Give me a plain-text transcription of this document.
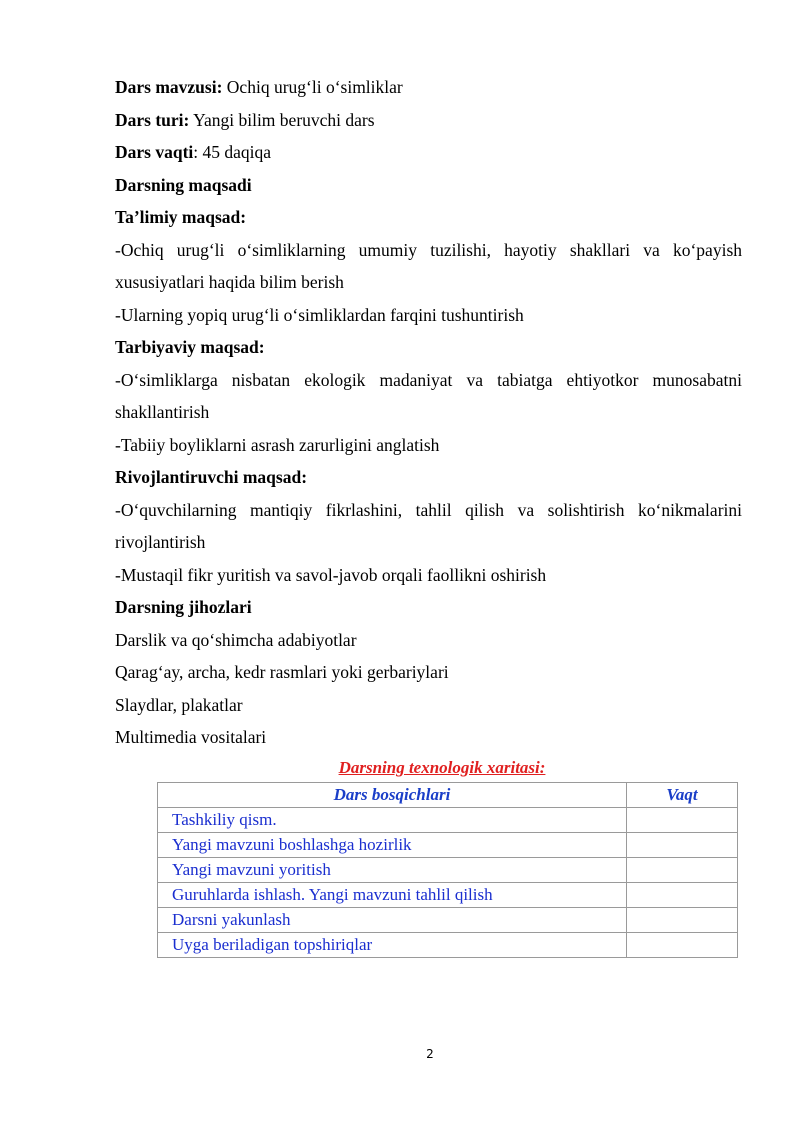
Dars mavzusi: Ochiq urug‘li o‘simliklar
Dars turi: Yangi bilim beruvchi dars
Dars vaqti: 45 daqiqa
Darsning maqsadi
Ta’limiy maqsad:
-Ochiq urug‘li o‘simliklarning umumiy tuzilishi, hayotiy shakllari va ko‘payish
xususiyatlari haqida bilim berish
-Ularning yopiq urug‘li o‘simliklardan farqini tushuntirish
Tarbiyaviy maqsad:
-O‘simliklarga nisbatan ekologik madaniyat va tabiatga ehtiyotkor munosabatni
shakllantirish
-Tabiiy boyliklarni asrash zarurligini anglatish
Rivojlantiruvchi maqsad:
-O‘quvchilarning mantiqiy fikrlashini, tahlil qilish va solishtirish ko‘nikmalarini
rivojlantirish
-Mustaqil fikr yuritish va savol-javob orqali faollikni oshirish
Darsning jihozlari
Darslik va qo‘shimcha adabiyotlar
Qarag‘ay, archa, kedr rasmlari yoki gerbariylari
Slaydlar, plakatlar
Multimedia vositalari
Darsning texnologik xaritasi:
Dars bosqichlari	Vaqt
Tashkiliy qism.	
Yangi mavzuni boshlashga hozirlik	
Yangi mavzuni yoritish	
Guruhlarda ishlash. Yangi mavzuni tahlil qilish	
Darsni yakunlash	
Uyga beriladigan topshiriqlar	
2
